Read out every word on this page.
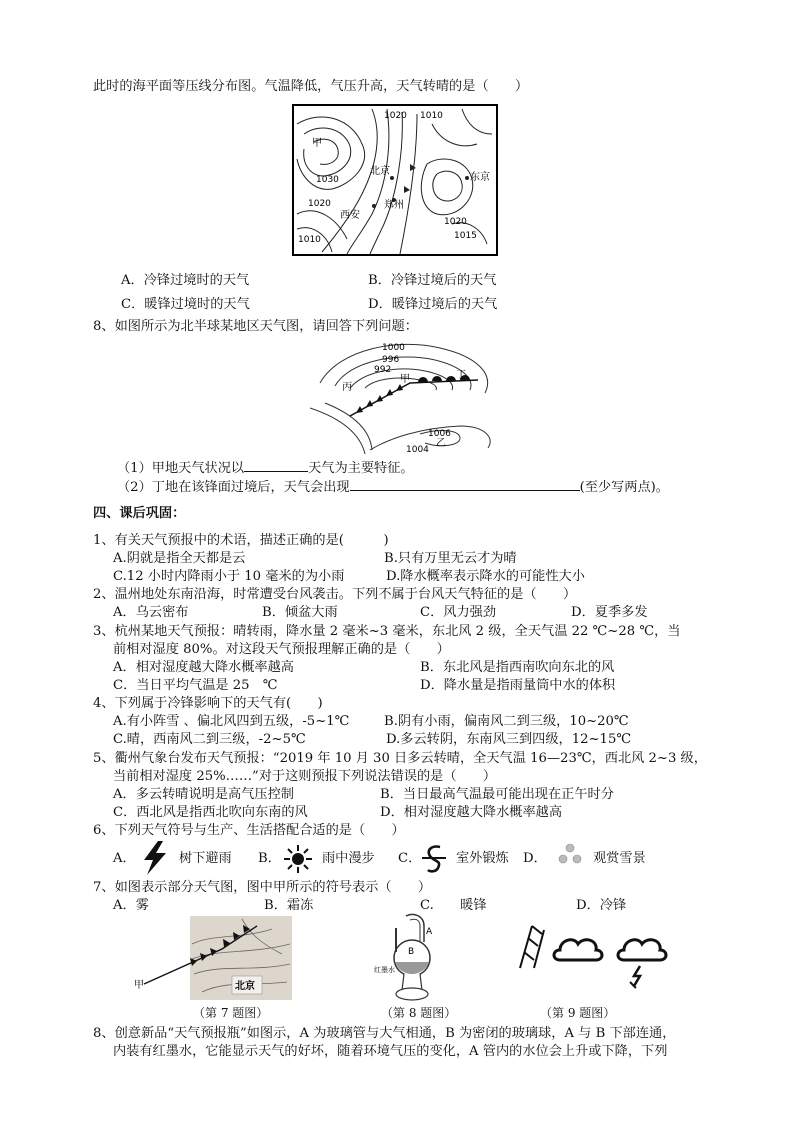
此时的海平面等压线分布图。气温降低，气压升高，天气转晴的是（　　）
1020 1010
甲
北京
东京
1030
1020
西安
郑州
1020
1010	1015
A．冷锋过境时的天气	B．冷锋过境后的天气
C．暖锋过境时的天气	D．暖锋过境后的天气
8、如图所示为北半球某地区天气图，请回答下列问题：
1000
996
992
丙
甲	丁
1006
乙
1004
（1）甲地天气状况以	天气为主要特征。
（2）丁地在该锋面过境后，天气会出现	(至少写两点)。
四、课后巩固：
1、有关天气预报中的术语，描述正确的是(　　　)
A.阴就是指全天都是云	B.只有万里无云才为晴
C.12 小时内降雨小于 10 毫米的为小雨	D.降水概率表示降水的可能性大小
2、温州地处东南沿海，时常遭受台风袭击。下列不属于台风天气特征的是（　　）
A．乌云密布	B．倾盆大雨	C．风力强劲	D．夏季多发
3、杭州某地天气预报：晴转雨，降水量 2 毫米~3 毫米，东北风 2 级，全天气温 22 ℃~28 ℃，当
前相对湿度 80%。对这段天气预报理解正确的是（　　）
A．相对湿度越大降水概率越高	B．东北风是指西南吹向东北的风
C．当日平均气温是 25　℃	D．降水量是指雨量筒中水的体积
4、下列属于冷锋影响下的天气有(　　)
A.有小阵雪 、偏北风四到五级，-5~1℃	B.阴有小雨，偏南风二到三级，10~20℃
C.晴，西南风二到三级，-2~5℃	D.多云转阴，东南风三到四级，12~15℃
5、衢州气象台发布天气预报：“2019 年 10 月 30 日多云转晴，全天气温 16—23℃，西北风 2~3 级，
当前相对湿度 25%……”对于这则预报下列说法错误的是（　　）
A．多云转晴说明是高气压控制	B．当日最高气温最可能出现在正午时分
C．西北风是指西北吹向东南的风	D．相对湿度越大降水概率越高
6、下列天气符号与生产、生活搭配合适的是（　　）
A．	树下避雨 B．	雨中漫步 C．	室外锻炼 D．	观赏雪景
7、如图表示部分天气图，图中甲所示的符号表示（　　）
A．雾	B．霜冻	C.　　暖锋	D．冷锋
甲	北京
（第 7 题图）
A
B
红墨水
（第 8 题图）	（第 9 题图）
8、创意新品“天气预报瓶”如图示，A 为玻璃管与大气相通，B 为密闭的玻璃球，A 与 B 下部连通，
内装有红墨水，它能显示天气的好坏，随着环境气压的变化，A 管内的水位会上升或下降，下列
